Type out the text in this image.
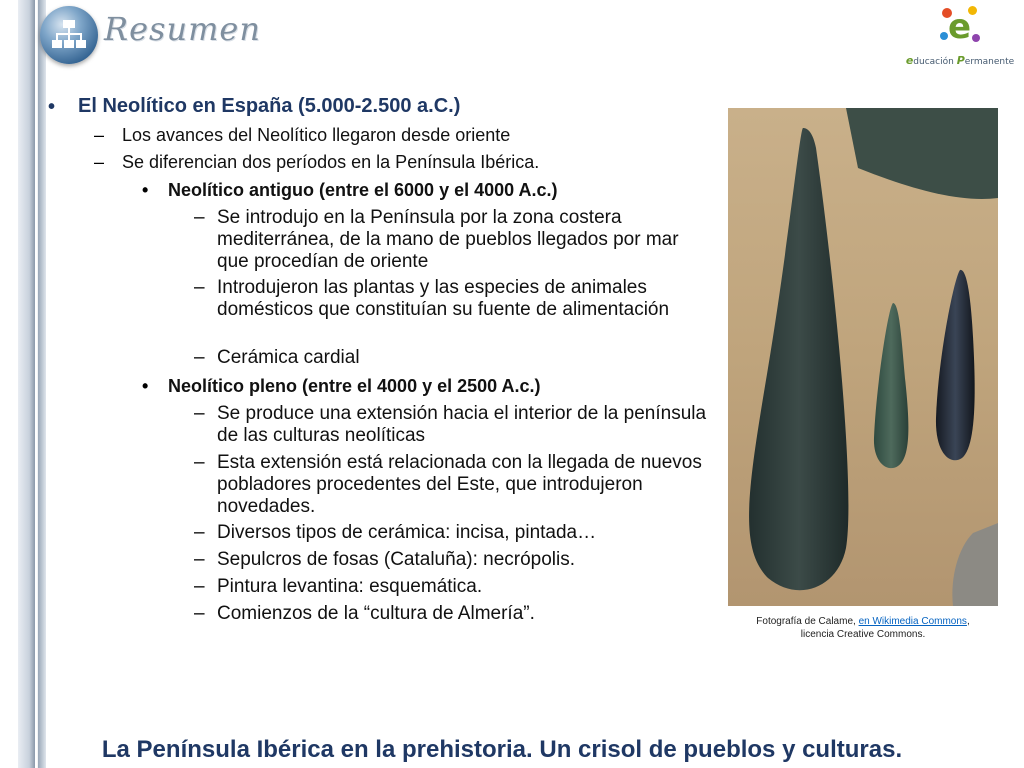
Resumen	e
educación Permanente
• El Neolítico en España (5.000-2.500 a.C.)
– Los avances del Neolítico llegaron desde oriente
– Se diferencian dos períodos en la Península Ibérica.
• Neolítico antiguo (entre el 6000 y el 4000 A.c.)
– Se introdujo en la Península por la zona costera mediterránea, de la mano de pueblos llegados por mar que procedían de oriente
– Introdujeron las plantas y las especies de animales domésticos que constituían su fuente de alimentación
– Cerámica cardial
• Neolítico pleno (entre el 4000 y el 2500 A.c.)
– Se produce una extensión hacia el interior de la península de las culturas neolíticas
– Esta extensión está relacionada con la llegada de nuevos pobladores procedentes del Este, que introdujeron novedades.
– Diversos tipos de cerámica: incisa, pintada…
– Sepulcros de fosas (Cataluña): necrópolis.
– Pintura levantina: esquemática.
– Comienzos de la “cultura de Almería”.	Fotografía de Calame, en Wikimedia Commons,
licencia Creative Commons.
La Península Ibérica en la prehistoria. Un crisol de pueblos y culturas.
